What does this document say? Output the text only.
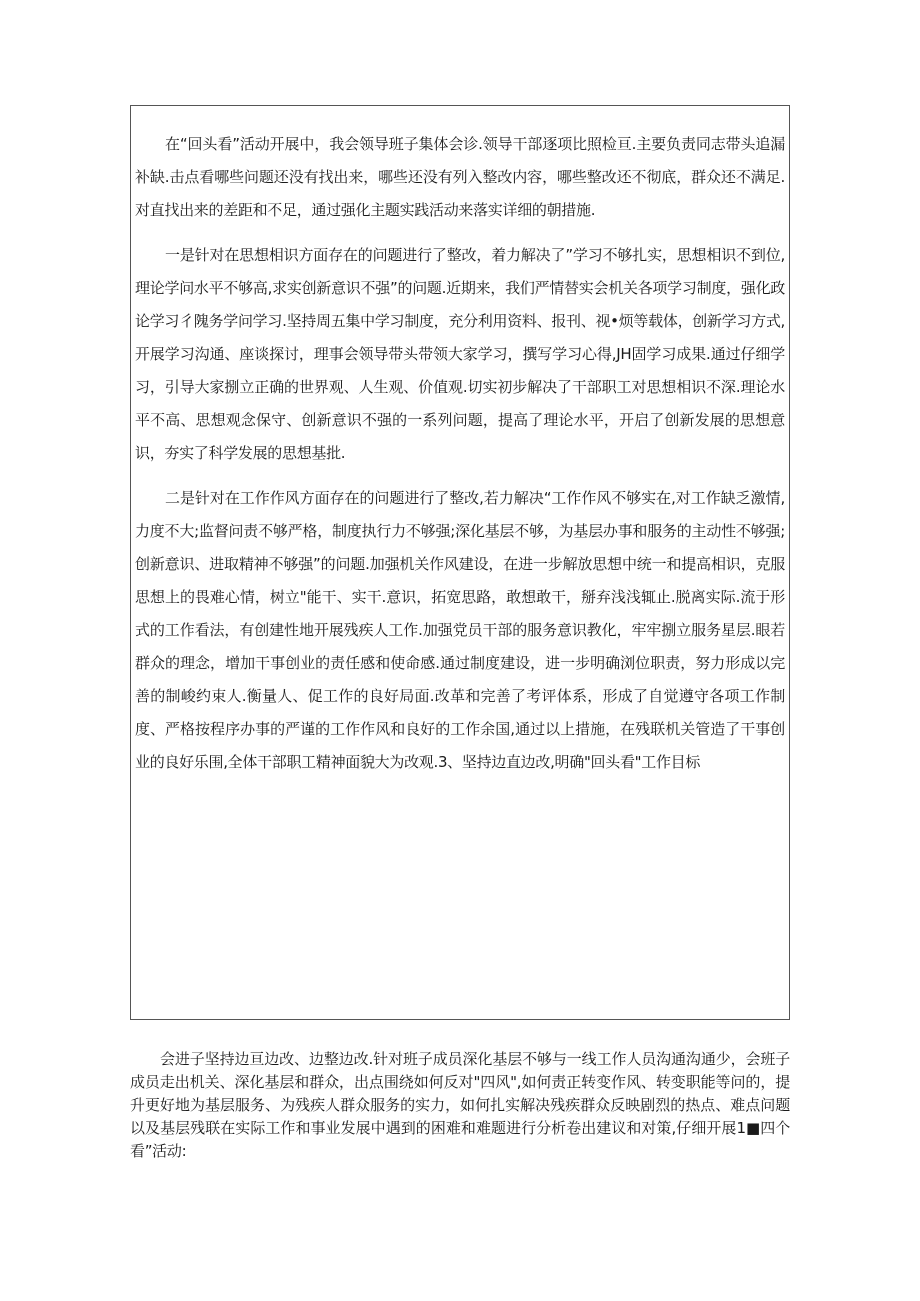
在“回头看”活动开展中，我会领导班子集体会诊.领导干部逐项比照检亘.主要负责同志带头追漏补缺.击点看哪些问题还没有找出来，哪些还没有列入整改内容，哪些整改还不彻底，群众还不满足.对直找出来的差距和不足，通过强化主题实践活动来落实详细的朝措施.

一是针对在思想相识方面存在的问题进行了整改，着力解决了”学习不够扎实，思想相识不到位,理论学问水平不够高,求实创新意识不强”的问题.近期来，我们严情替实会机关各项学习制度，强化政论学习彳隗务学问学习.坚持周五集中学习制度，充分利用资料、报刊、视•烦等载体，创新学习方式,开展学习沟通、座谈探讨，理事会领导带头带领大家学习，撰写学习心得,JH固学习成果.通过仔细学习，引导大家捌立正确的世界观、人生观、价值观.切实初步解决了干部职工对思想相识不深.理论水平不高、思想观念保守、创新意识不强的一系列问题，提高了理论水平，开启了创新发展的思想意识，夯实了科学发展的思想基批.

二是针对在工作作风方面存在的问题进行了整改,若力解决“工作作风不够实在,对工作缺乏激情,力度不大;监督问责不够严格，制度执行力不够强;深化基层不够，为基层办事和服务的主动性不够强;创新意识、进取精神不够强”的问题.加强机关作风建设，在进一步解放思想中统一和提高相识，克服思想上的畏难心情，树立"能干、实干.意识，拓宽思路，敢想敢干，掰弃浅浅辄止.脱离实际.流于形式的工作看法，有创建性地开展残疾人工作.加强党员干部的服务意识教化，牢牢捌立服务星层.眼若群众的理念，增加干事创业的责任感和使命感.通过制度建设，进一步明确浏位职责，努力形成以完善的制峻约束人.衡量人、促工作的良好局面.改革和完善了考评体系，形成了自觉遵守各项工作制度、严格按程序办事的严谨的工作作风和良好的工作余国,通过以上措施，在残联机关管造了干事创业的良好乐围,全体干部职工精神面貌大为改观.3、坚持边直边改,明确"回头看"工作目标

会进子坚持边亘边改、边整边改.针对班子成员深化基层不够与一线工作人员沟通沟通少，会班子成员走出机关、深化基层和群众，出点围绕如何反对"四风",如何责正转变作风、转变职能等问的，提升更好地为基层服务、为残疾人群众服务的实力，如何扎实解决残疾群众反映剧烈的热点、难点问题以及基层残联在实际工作和事业发展中遇到的困难和难题进行分析卷出建议和对策,仔细开展1■四个看”活动:
